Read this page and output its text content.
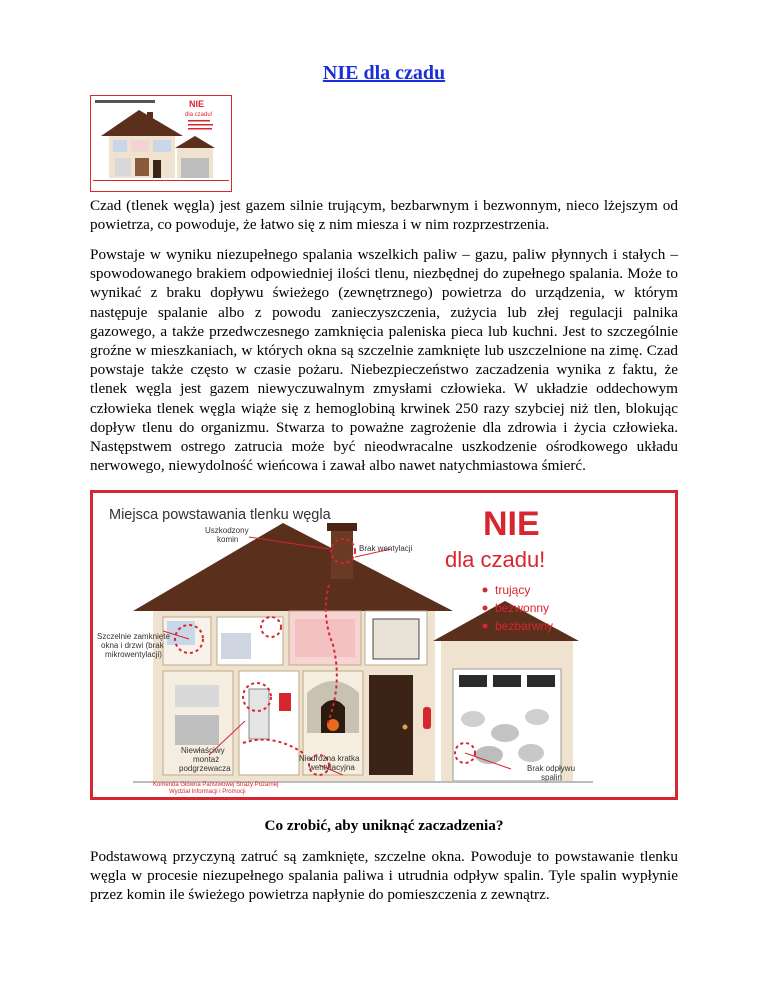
NIE dla czadu
NIE
dla czadu!

Czad (tlenek węgla) jest gazem silnie trującym, bezbarwnym i bezwonnym, nieco lżejszym od powietrza, co powoduje, że łatwo się z nim miesza i w nim rozprzestrzenia.

Powstaje w wyniku niezupełnego spalania wszelkich paliw – gazu, paliw płynnych i stałych – spowodowanego brakiem odpowiedniej ilości tlenu, niezbędnej do zupełnego spalania. Może to wynikać z braku dopływu świeżego (zewnętrznego) powietrza do urządzenia, w którym następuje spalanie albo z powodu zanieczyszczenia, zużycia lub złej regulacji palnika gazowego, a także przedwczesnego zamknięcia paleniska pieca lub kuchni. Jest to szczególnie groźne w mieszkaniach, w których okna są szczelnie zamknięte lub uszczelnione na zimę. Czad powstaje także często w czasie pożaru. Niebezpieczeństwo zaczadzenia wynika z faktu, że tlenek węgla jest gazem niewyczuwalnym zmysłami człowieka. W układzie oddechowym człowieka tlenek węgla wiąże się z hemoglobiną krwinek 250 razy szybciej niż tlen, blokując dopływ tlenu do organizmu. Stwarza to poważne zagrożenie dla zdrowia i życia człowieka. Następstwem ostrego zatrucia może być nieodwracalne uszkodzenie ośrodkowego układu nerwowego, niewydolność wieńcowa i zawał albo nawet natychmiastowa śmierć.

Miejsca powstawania tlenku węgla	NIE
dla czadu!
trujący
bezwonny
bezbarwny
Uszkodzony
komin
Brak wentylacji
Szczelnie zamknięte
okna i drzwi (brak
mikrowentylacji)
Niewłaściwy
montaż
podgrzewacza
Niedrożna kratka
wentylacyjna	Brak odpływu
spalin
Komenda Główna Państwowej Straży Pożarnej
Wydział Informacji i Promocji
Co zrobić, aby uniknąć zaczadzenia?

Podstawową przyczyną zatruć są zamknięte, szczelne okna. Powoduje to powstawanie tlenku węgla w procesie niezupełnego spalania paliwa i utrudnia odpływ spalin. Tyle spalin wypłynie przez komin ile świeżego powietrza napłynie do pomieszczenia z zewnątrz.
